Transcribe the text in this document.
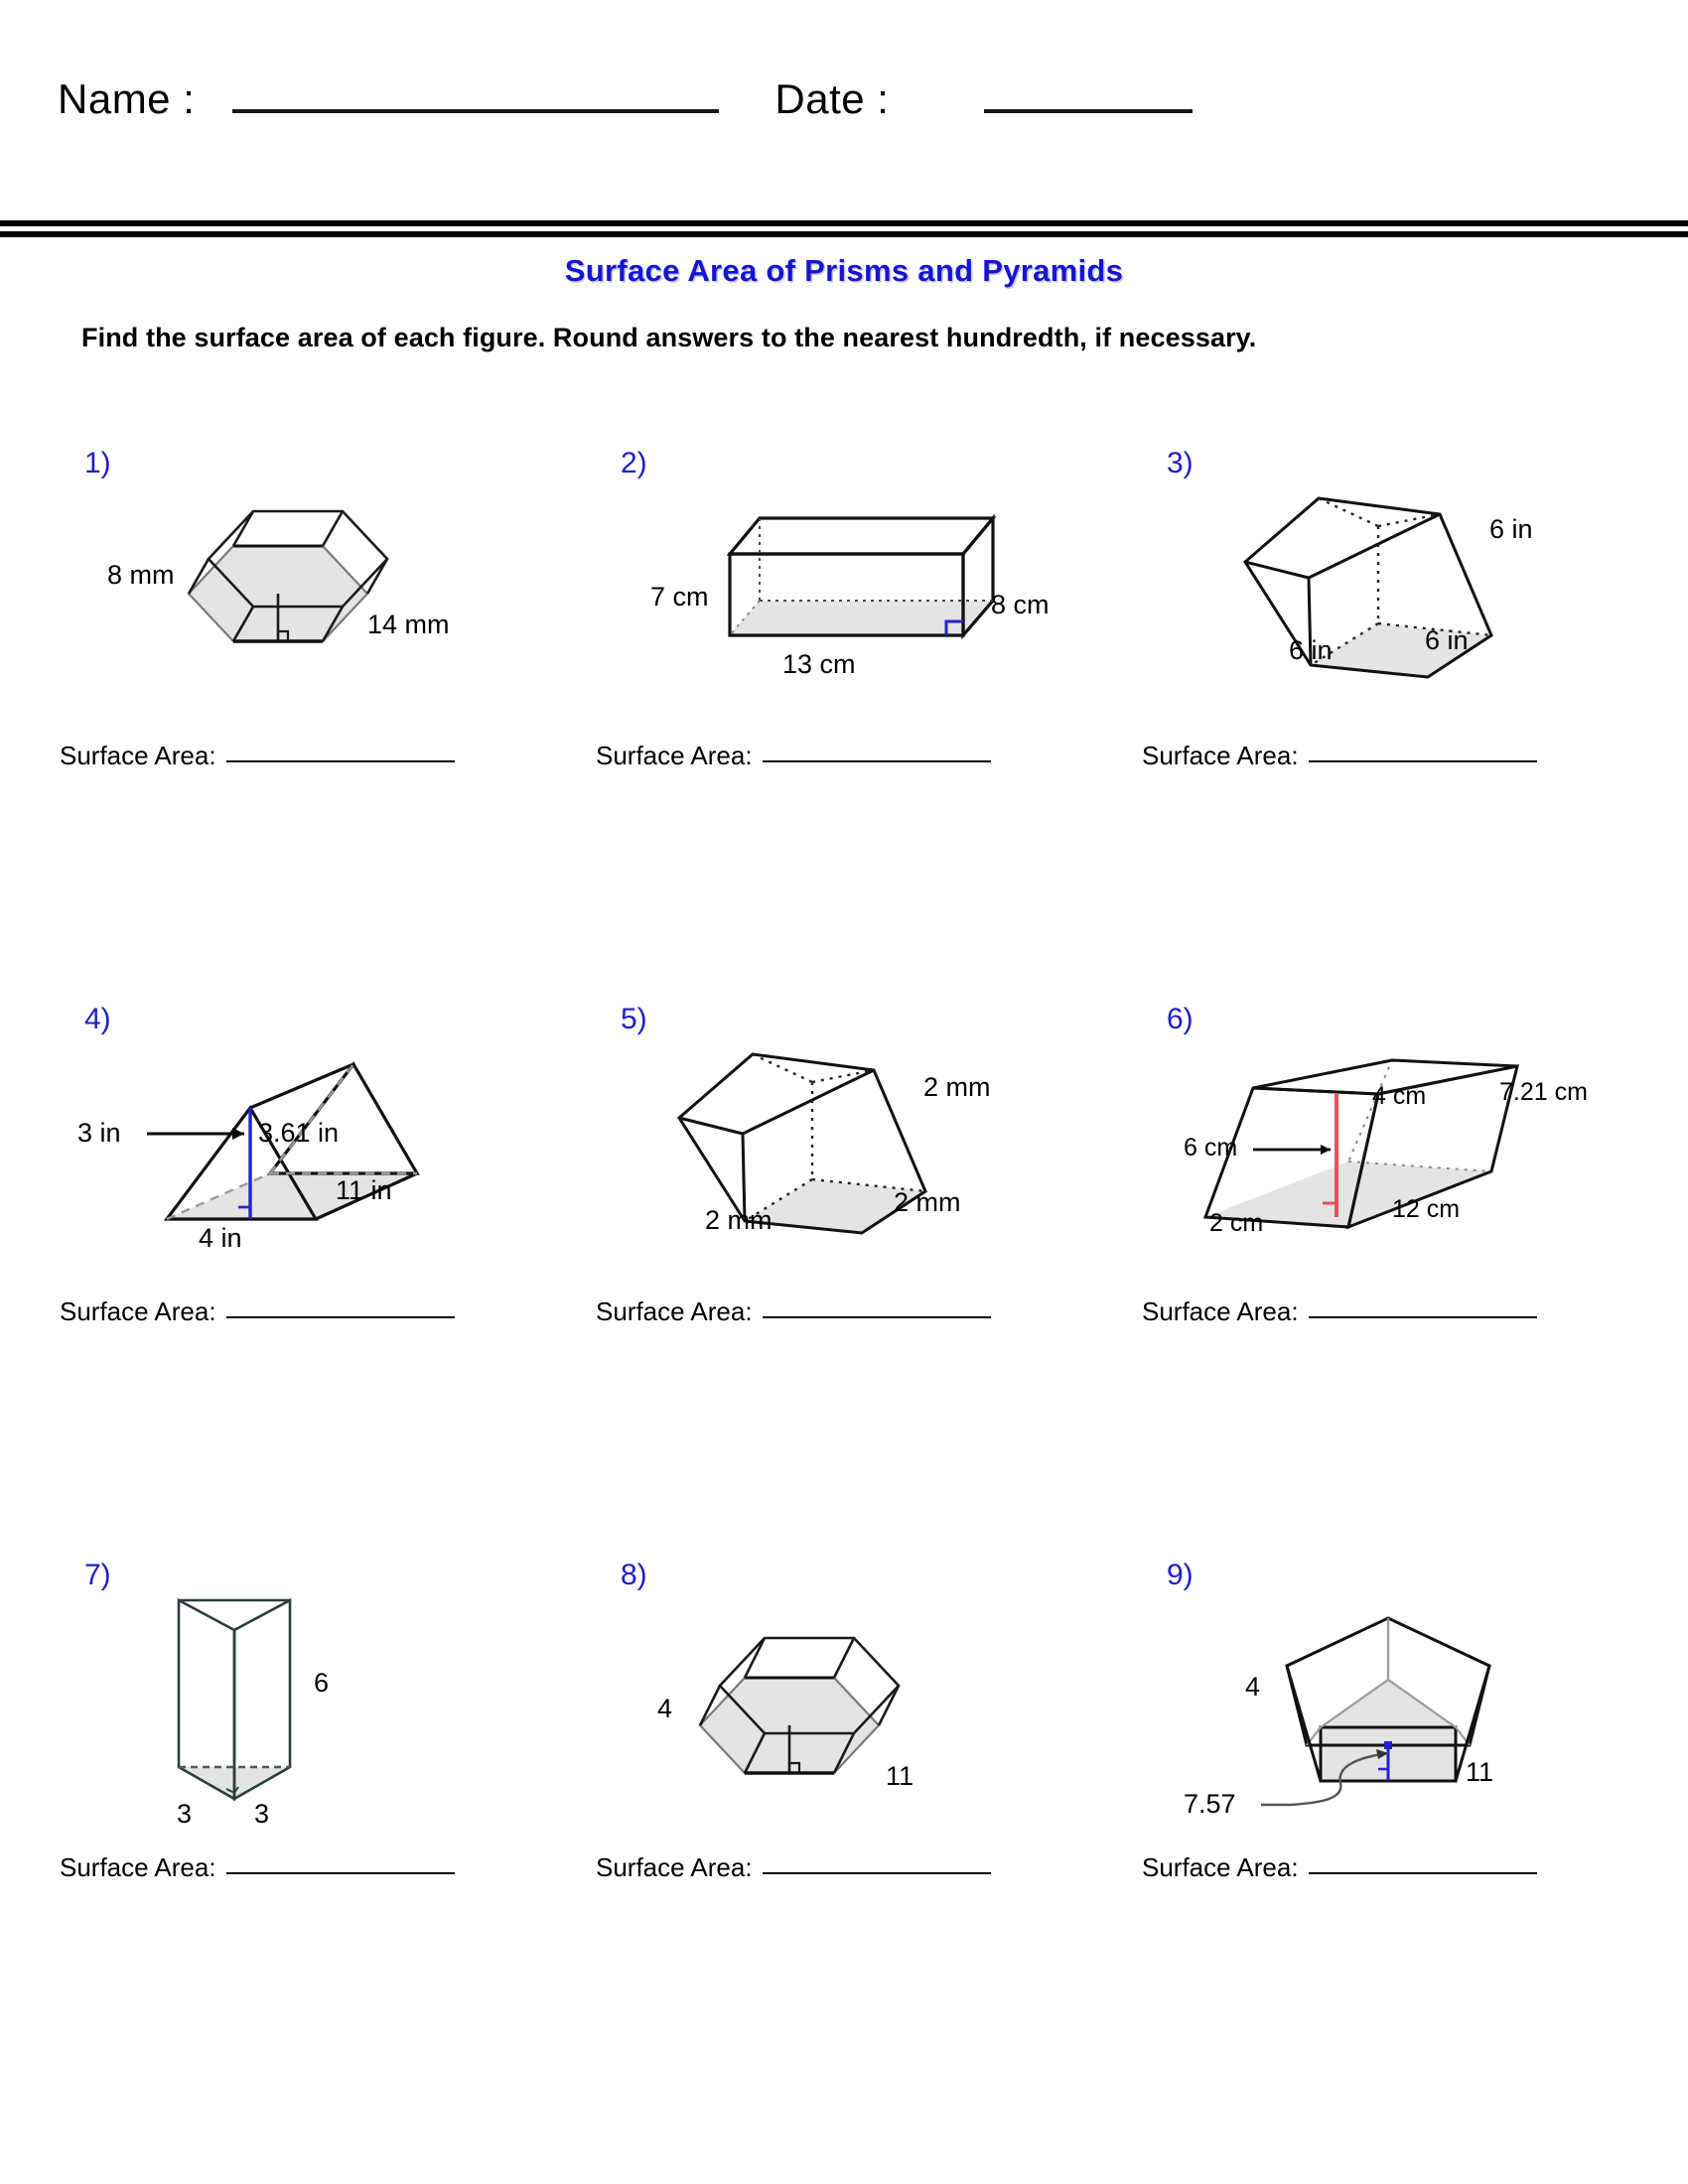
Name :	Date :
Surface Area of Prisms and Pyramids
Find the surface area of each figure. Round answers to the nearest hundredth, if necessary.
1)
8 mm
14 mm
Surface Area:
2)
7 cm	8 cm
13 cm
Surface Area:
3)
6 in
6 in	6 in
Surface Area:
4)
3 in	3.61 in
11 in
4 in
Surface Area:
5)
2 mm
2 mm
2 mm
Surface Area:
6)
4 cm	7.21 cm
6 cm
12 cm
2 cm
Surface Area:
7)
6
3 3
Surface Area:
8)
4
11
Surface Area:
9)
4
11
7.57
Surface Area:
